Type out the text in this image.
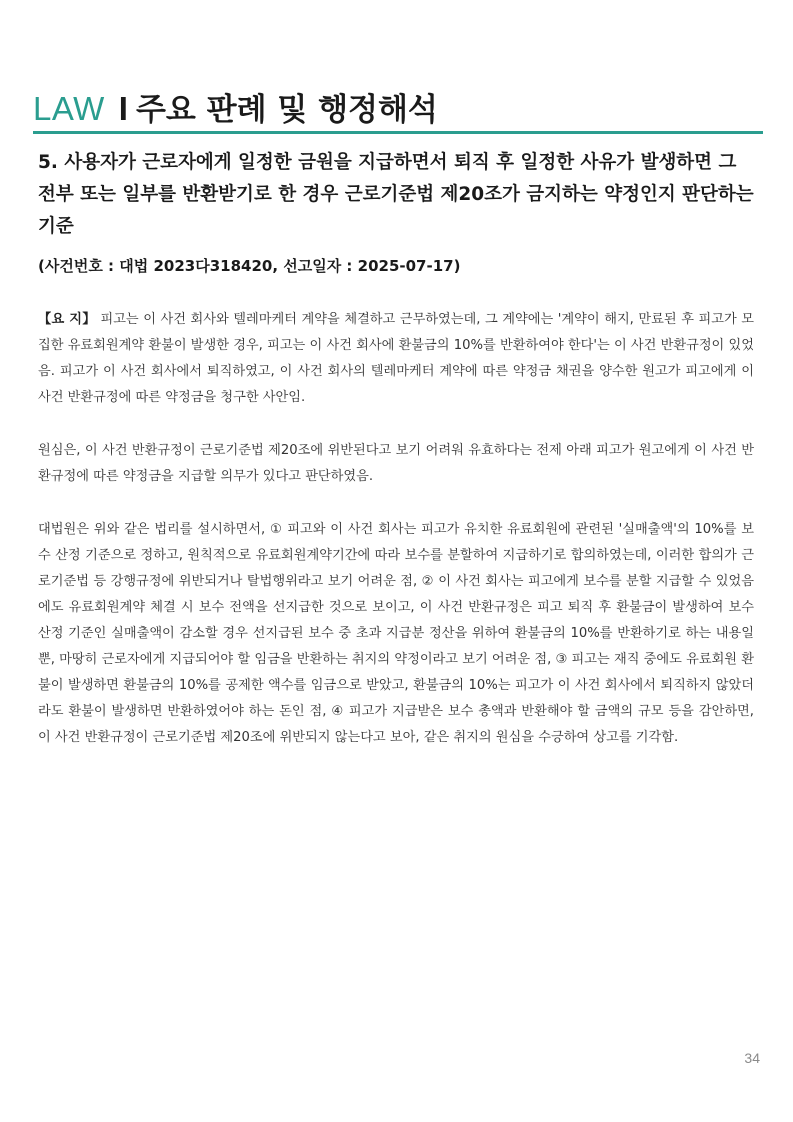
LAW I 주요 판례 및 행정해석
5. 사용자가 근로자에게 일정한 금원을 지급하면서 퇴직 후 일정한 사유가 발생하면 그 전부 또는 일부를 반환받기로 한 경우 근로기준법 제20조가 금지하는 약정인지 판단하는 기준
(사건번호 : 대법 2023다318420, 선고일자 : 2025-07-17)

【요 지】 피고는 이 사건 회사와 텔레마케터 계약을 체결하고 근무하였는데, 그 계약에는 '계약이 해지, 만료된 후 피고가 모집한 유료회원계약 환불이 발생한 경우, 피고는 이 사건 회사에 환불금의 10%를 반환하여야 한다'는 이 사건 반환규정이 있었음. 피고가 이 사건 회사에서 퇴직하였고, 이 사건 회사의 텔레마케터 계약에 따른 약정금 채권을 양수한 원고가 피고에게 이 사건 반환규정에 따른 약정금을 청구한 사안임.

원심은, 이 사건 반환규정이 근로기준법 제20조에 위반된다고 보기 어려워 유효하다는 전제 아래 피고가 원고에게 이 사건 반환규정에 따른 약정금을 지급할 의무가 있다고 판단하였음.

대법원은 위와 같은 법리를 설시하면서, ① 피고와 이 사건 회사는 피고가 유치한 유료회원에 관련된 '실매출액'의 10%를 보수 산정 기준으로 정하고, 원칙적으로 유료회원계약기간에 따라 보수를 분할하여 지급하기로 합의하였는데, 이러한 합의가 근로기준법 등 강행규정에 위반되거나 탈법행위라고 보기 어려운 점, ② 이 사건 회사는 피고에게 보수를 분할 지급할 수 있었음에도 유료회원계약 체결 시 보수 전액을 선지급한 것으로 보이고, 이 사건 반환규정은 피고 퇴직 후 환불금이 발생하여 보수 산정 기준인 실매출액이 감소할 경우 선지급된 보수 중 초과 지급분 정산을 위하여 환불금의 10%를 반환하기로 하는 내용일 뿐, 마땅히 근로자에게 지급되어야 할 임금을 반환하는 취지의 약정이라고 보기 어려운 점, ③ 피고는 재직 중에도 유료회원 환불이 발생하면 환불금의 10%를 공제한 액수를 임금으로 받았고, 환불금의 10%는 피고가 이 사건 회사에서 퇴직하지 않았더라도 환불이 발생하면 반환하였어야 하는 돈인 점, ④ 피고가 지급받은 보수 총액과 반환해야 할 금액의 규모 등을 감안하면, 이 사건 반환규정이 근로기준법 제20조에 위반되지 않는다고 보아, 같은 취지의 원심을 수긍하여 상고를 기각함.

34
